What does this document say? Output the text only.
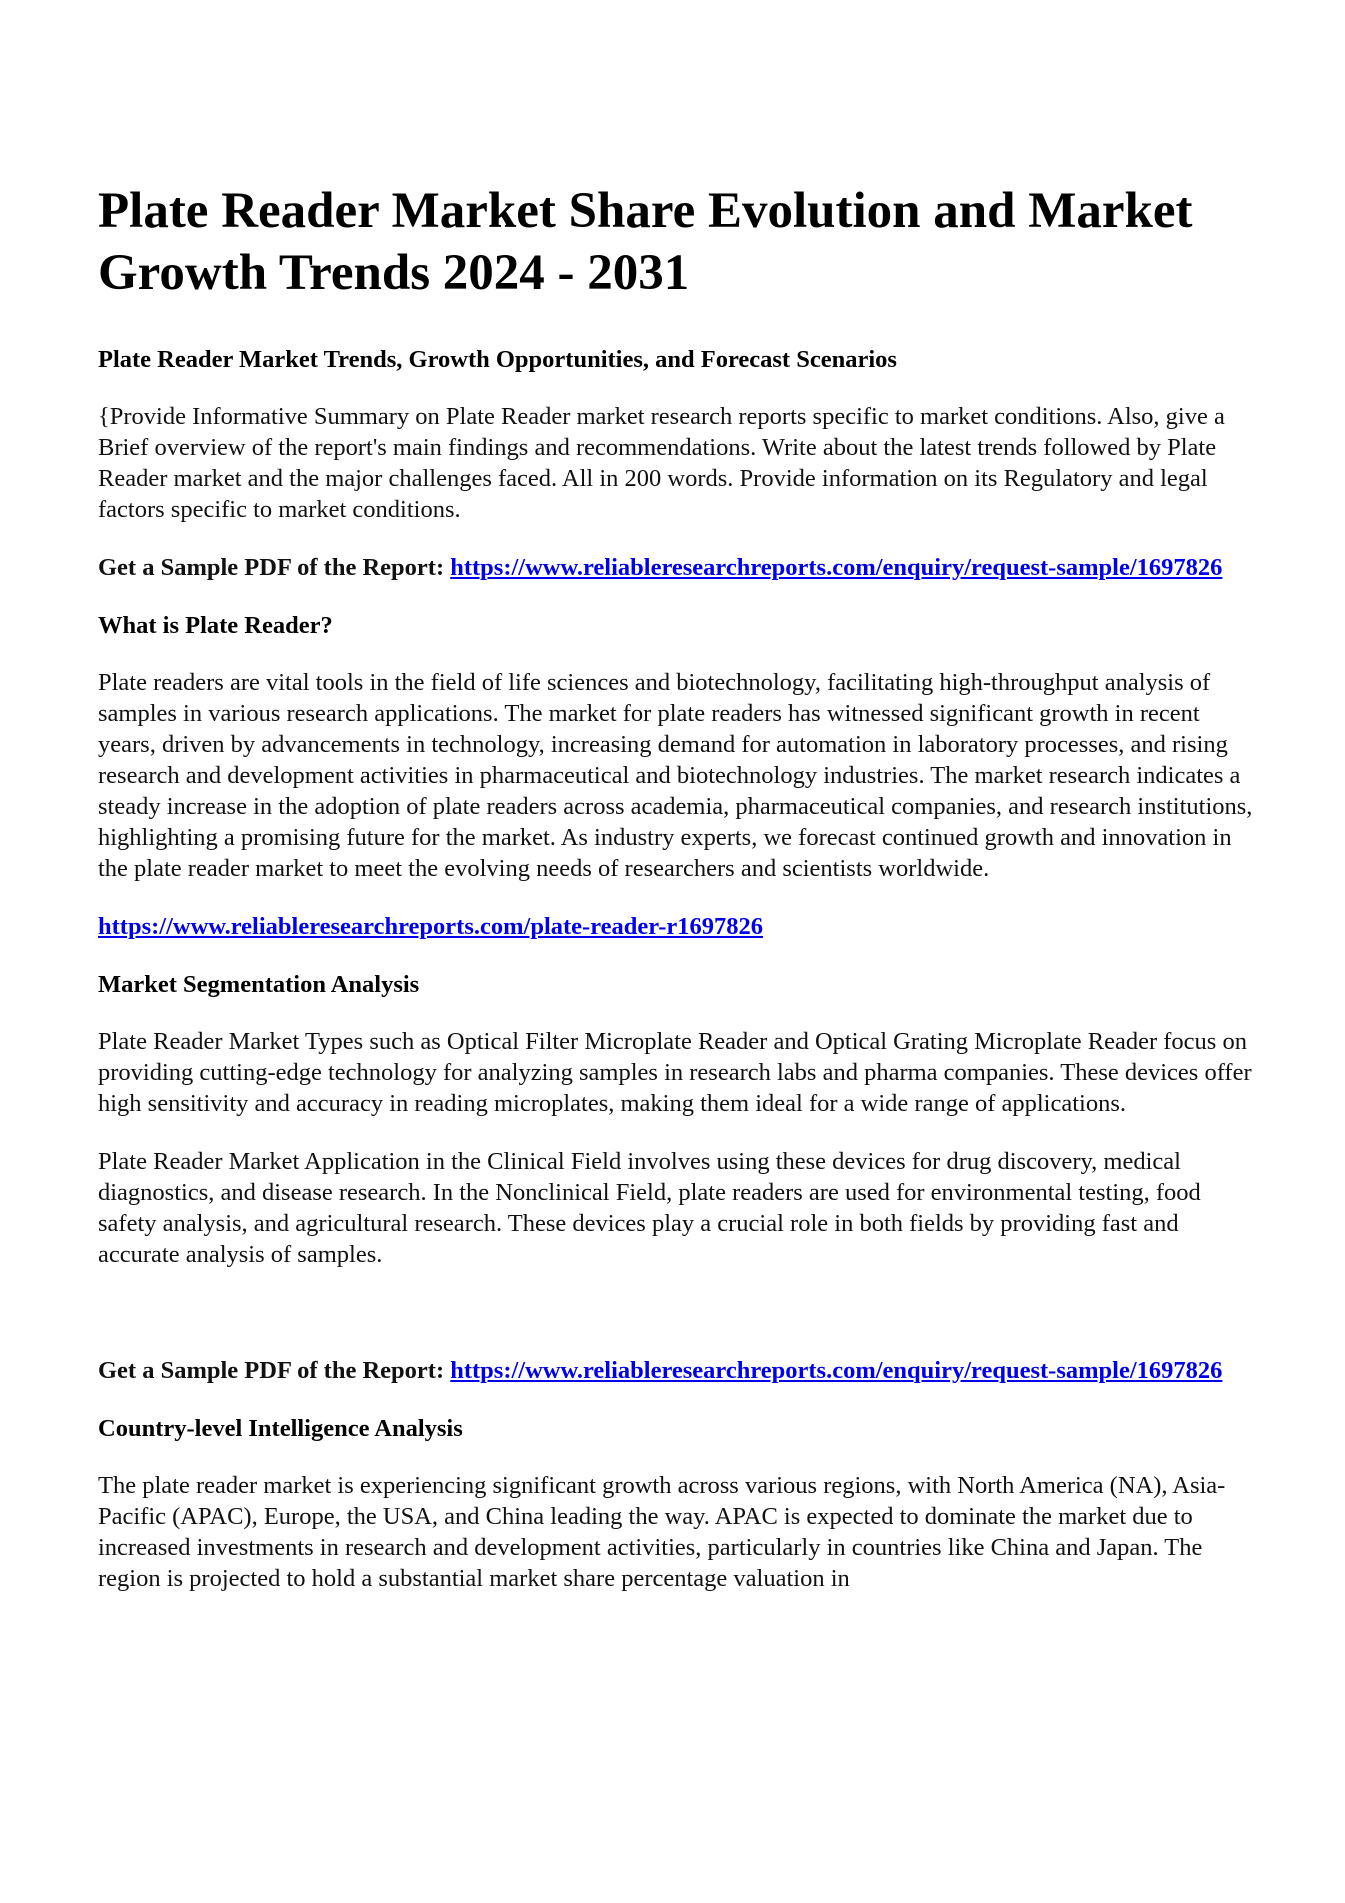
Plate Reader Market Share Evolution and Market Growth Trends 2024 - 2031
Plate Reader Market Trends, Growth Opportunities, and Forecast Scenarios

{Provide Informative Summary on Plate Reader market research reports specific to market conditions. Also, give a Brief overview of the report's main findings and recommendations. Write about the latest trends followed by Plate Reader market and the major challenges faced. All in 200 words. Provide information on its Regulatory and legal factors specific to market conditions.

Get a Sample PDF of the Report: https://www.reliableresearchreports.com/enquiry/request-sample/1697826
What is Plate Reader?

Plate readers are vital tools in the field of life sciences and biotechnology, facilitating high-throughput analysis of samples in various research applications. The market for plate readers has witnessed significant growth in recent years, driven by advancements in technology, increasing demand for automation in laboratory processes, and rising research and development activities in pharmaceutical and biotechnology industries. The market research indicates a steady increase in the adoption of plate readers across academia, pharmaceutical companies, and research institutions, highlighting a promising future for the market. As industry experts, we forecast continued growth and innovation in the plate reader market to meet the evolving needs of researchers and scientists worldwide.

https://www.reliableresearchreports.com/plate-reader-r1697826
Market Segmentation Analysis

Plate Reader Market Types such as Optical Filter Microplate Reader and Optical Grating Microplate Reader focus on providing cutting-edge technology for analyzing samples in research labs and pharma companies. These devices offer high sensitivity and accuracy in reading microplates, making them ideal for a wide range of applications.

Plate Reader Market Application in the Clinical Field involves using these devices for drug discovery, medical diagnostics, and disease research. In the Nonclinical Field, plate readers are used for environmental testing, food safety analysis, and agricultural research. These devices play a crucial role in both fields by providing fast and accurate analysis of samples.

Get a Sample PDF of the Report: https://www.reliableresearchreports.com/enquiry/request-sample/1697826
Country-level Intelligence Analysis

The plate reader market is experiencing significant growth across various regions, with North America (NA), Asia-Pacific (APAC), Europe, the USA, and China leading the way. APAC is expected to dominate the market due to increased investments in research and development activities, particularly in countries like China and Japan. The region is projected to hold a substantial market share percentage valuation in
